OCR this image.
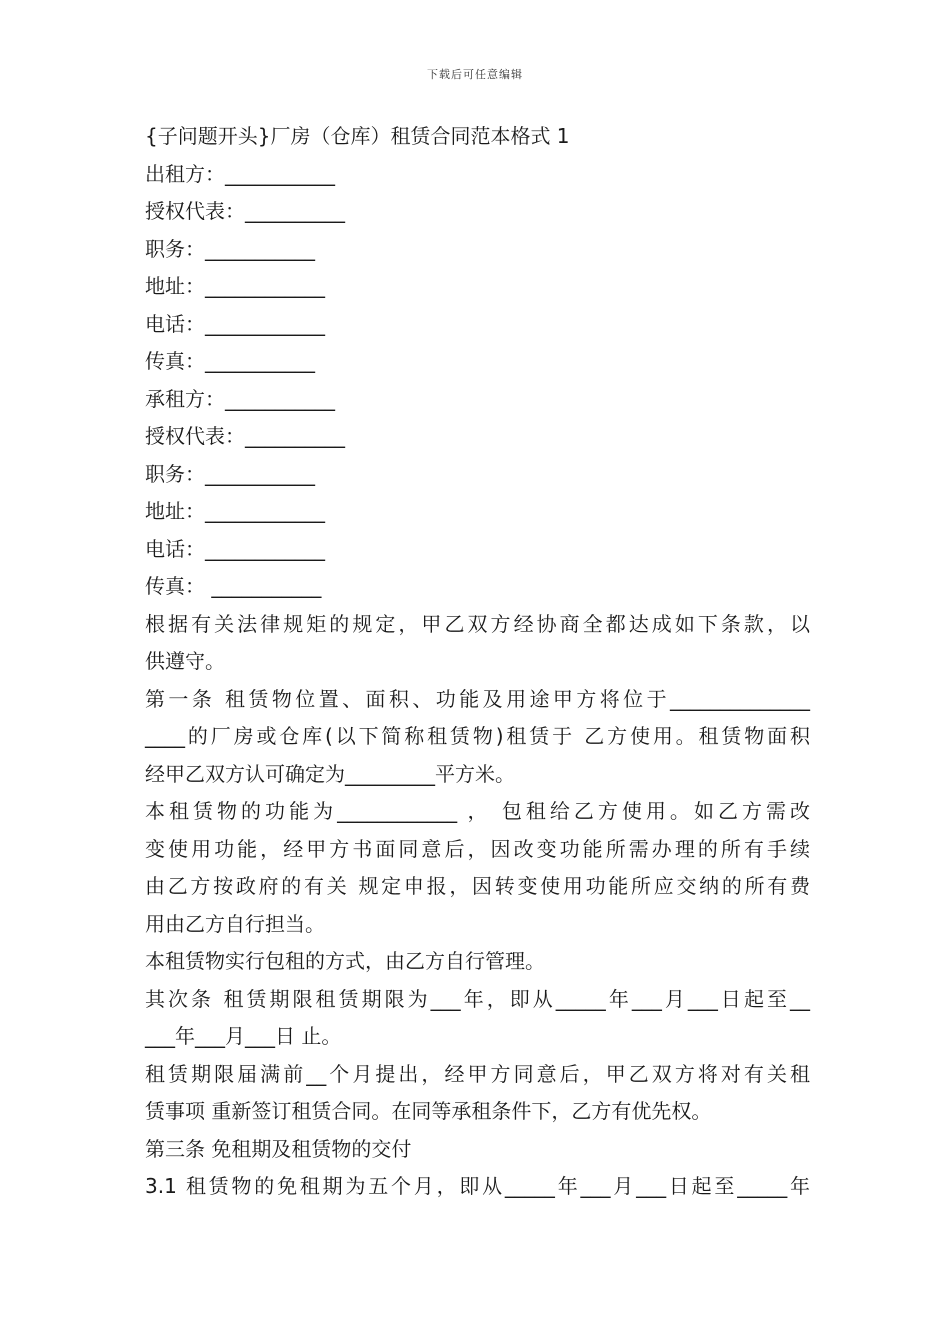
下载后可任意编辑
{子问题开头}厂房（仓库）租赁合同范本格式 1
出租方：___________
授权代表：__________
职务：___________
地址：____________
电话：____________
传真：___________
承租方：___________
授权代表：__________
职务：___________
地址：____________
电话：____________
传真： ___________
根据有关法律规矩的规定，甲乙双方经协商全都达成如下条款，以
供遵守。
第一条 租赁物位置、面积、功能及用途甲方将位于______________
____的厂房或仓库(以下简称租赁物)租赁于 乙方使用。租赁物面积
经甲乙双方认可确定为_________平方米。
本租赁物的功能为____________ ， 包租给乙方使用。如乙方需改
变使用功能，经甲方书面同意后，因改变功能所需办理的所有手续
由乙方按政府的有关 规定申报，因转变使用功能所应交纳的所有费
用由乙方自行担当。
本租赁物实行包租的方式，由乙方自行管理。
其次条 租赁期限租赁期限为___年，即从_____年___月___日起至__
___年___月___日 止。
租赁期限届满前__个月提出，经甲方同意后，甲乙双方将对有关租
赁事项 重新签订租赁合同。在同等承租条件下，乙方有优先权。
第三条 免租期及租赁物的交付
3.1 租赁物的免租期为五个月，即从_____年___月___日起至_____年
